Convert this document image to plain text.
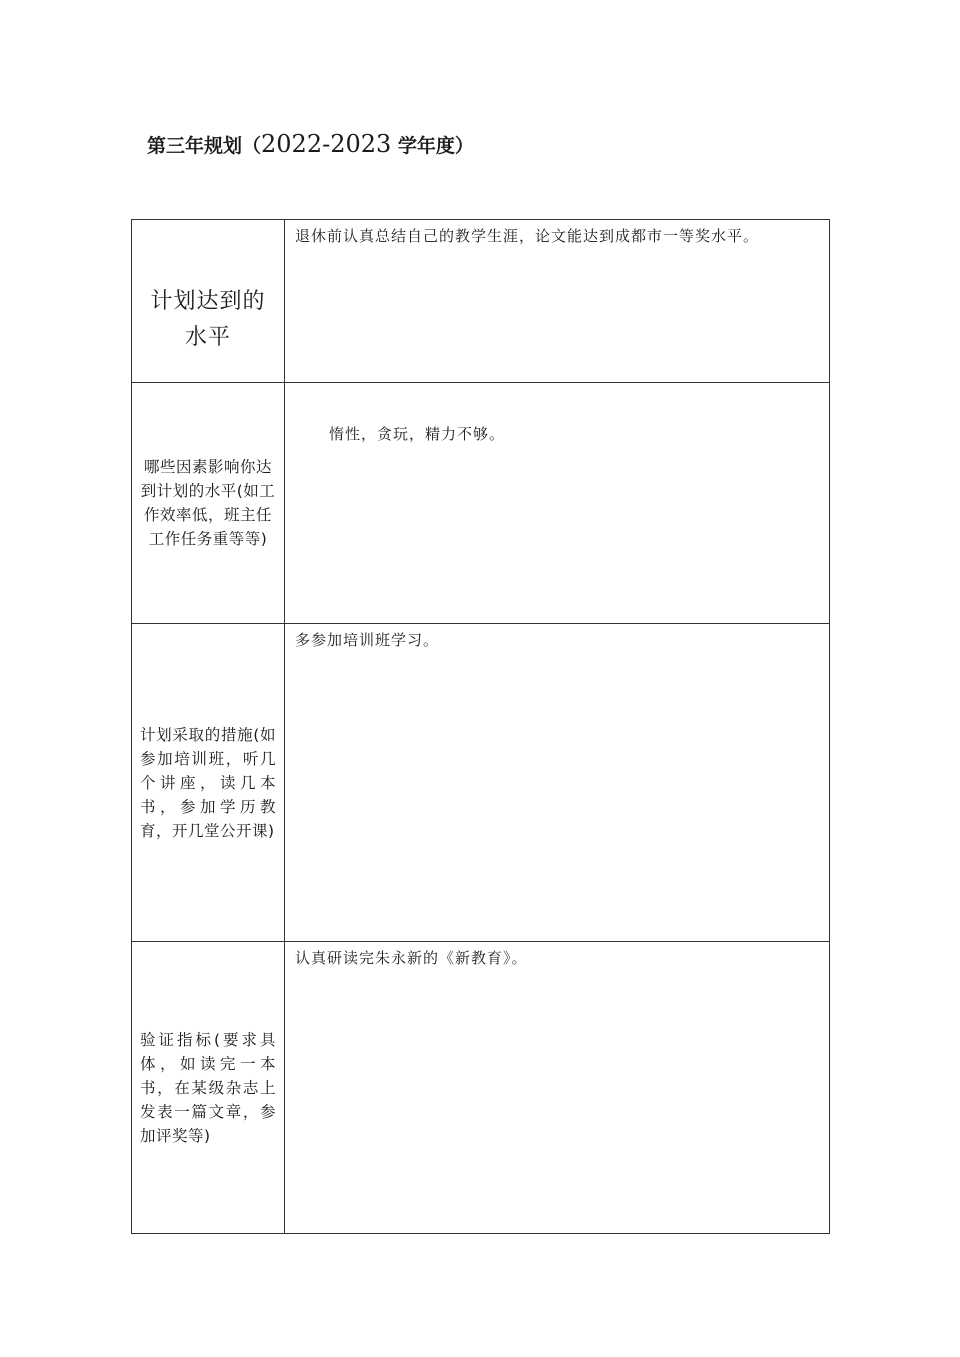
第三年规划（2022-2023 学年度）
计划达到的水平	退休前认真总结自己的教学生涯，论文能达到成都市一等奖水平。

哪些因素影响你达到计划的水平(如工作效率低，班主任工作任务重等等)	惰性，贪玩，精力不够。

计划采取的措施(如参加培训班，听几个讲座，读几本书，参加学历教育，开几堂公开课)	多参加培训班学习。

验证指标(要求具体，如读完一本书，在某级杂志上发表一篇文章，参加评奖等)	认真研读完朱永新的《新教育》。
